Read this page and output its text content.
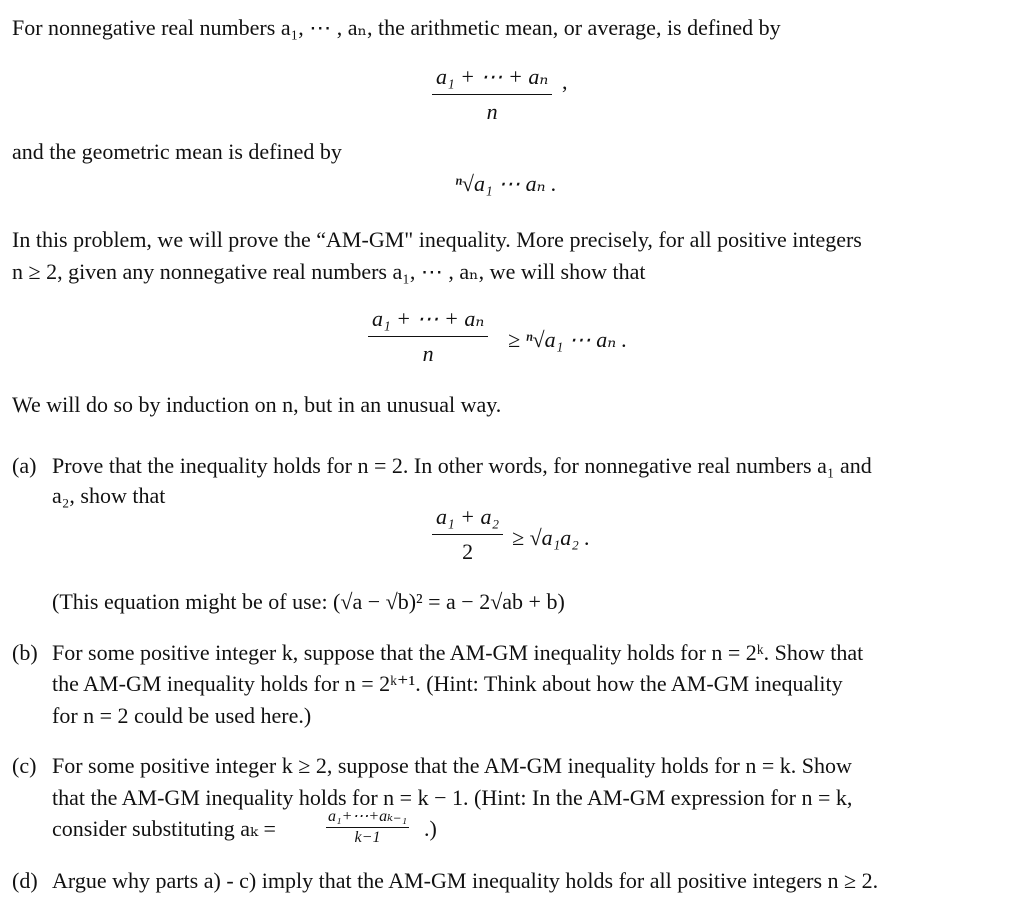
For nonnegative real numbers a₁, ⋯ , aₙ, the arithmetic mean, or average, is defined by
$\frac{\text{a₁ + ⋯ + aₙ}}{n}$ ,
and the geometric mean is defined by
ⁿ√a₁ ⋯ aₙ .
In this problem, we will prove the “AM-GM" inequality. More precisely, for all positive integers
n ≥ 2, given any nonnegative real numbers a₁, ⋯ , aₙ, we will show that
$\frac{\text{a₁ + ⋯ + aₙ}}{n} \ge ^n√a_1$ ⋯ aₙ .
We will do so by induction on n, but in an unusual way.
(a) Prove that the inequality holds for n = 2. In other words, for nonnegative real numbers a₁ and
a₂, show that
$\frac{\text{a₁ + a₂}}{2} \ge √a_1a_2$ .
(This equation might be of use: (√a − √b)² = a − 2√ab + b)
(b) For some positive integer k, suppose that the AM-GM inequality holds for n = 2ᵏ. Show that
the AM-GM inequality holds for n = 2ᵏ⁺¹. (Hint: Think about how the AM-GM inequality
for n = 2 could be used here.)
(c) For some positive integer k ≥ 2, suppose that the AM-GM inequality holds for n = k. Show
that the AM-GM inequality holds for n = k − 1. (Hint: In the AM-GM expression for n = k,
consider substituting aₖ =	$\frac{\text{a₁+⋯+aₖ₋₁}}{k-1}$ .)
(d) Argue why parts a) - c) imply that the AM-GM inequality holds for all positive integers n ≥ 2.
